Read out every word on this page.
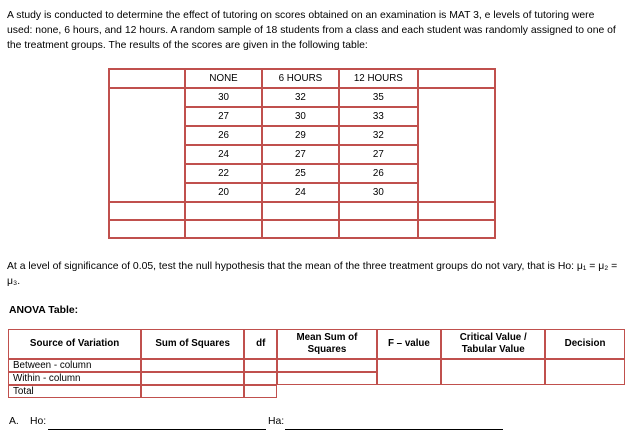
A study is conducted to determine the effect of tutoring on scores obtained on an examination is MAT 3, e levels of tutoring were used: none, 6 hours, and 12 hours. A random sample of 18 students from a class and each student was randomly assigned to one of the treatment groups. The results of the scores are given in the following table:
	NONE	6 HOURS	12 HOURS	
	30	32	35	
	27	30	33	
	26	29	32	
	24	27	27	
	22	25	26	
	20	24	30	

At a level of significance of 0.05, test the null hypothesis that the mean of the three treatment groups do not vary, that is Ho: μ₁ = μ₂ = μ₃.
ANOVA Table:
Source of Variation	Sum of Squares	df	Mean Sum of Squares	F – value	Critical Value / Tabular Value	Decision
Between - column						
Within - column						
Total						
A. Ho:	Ha:
